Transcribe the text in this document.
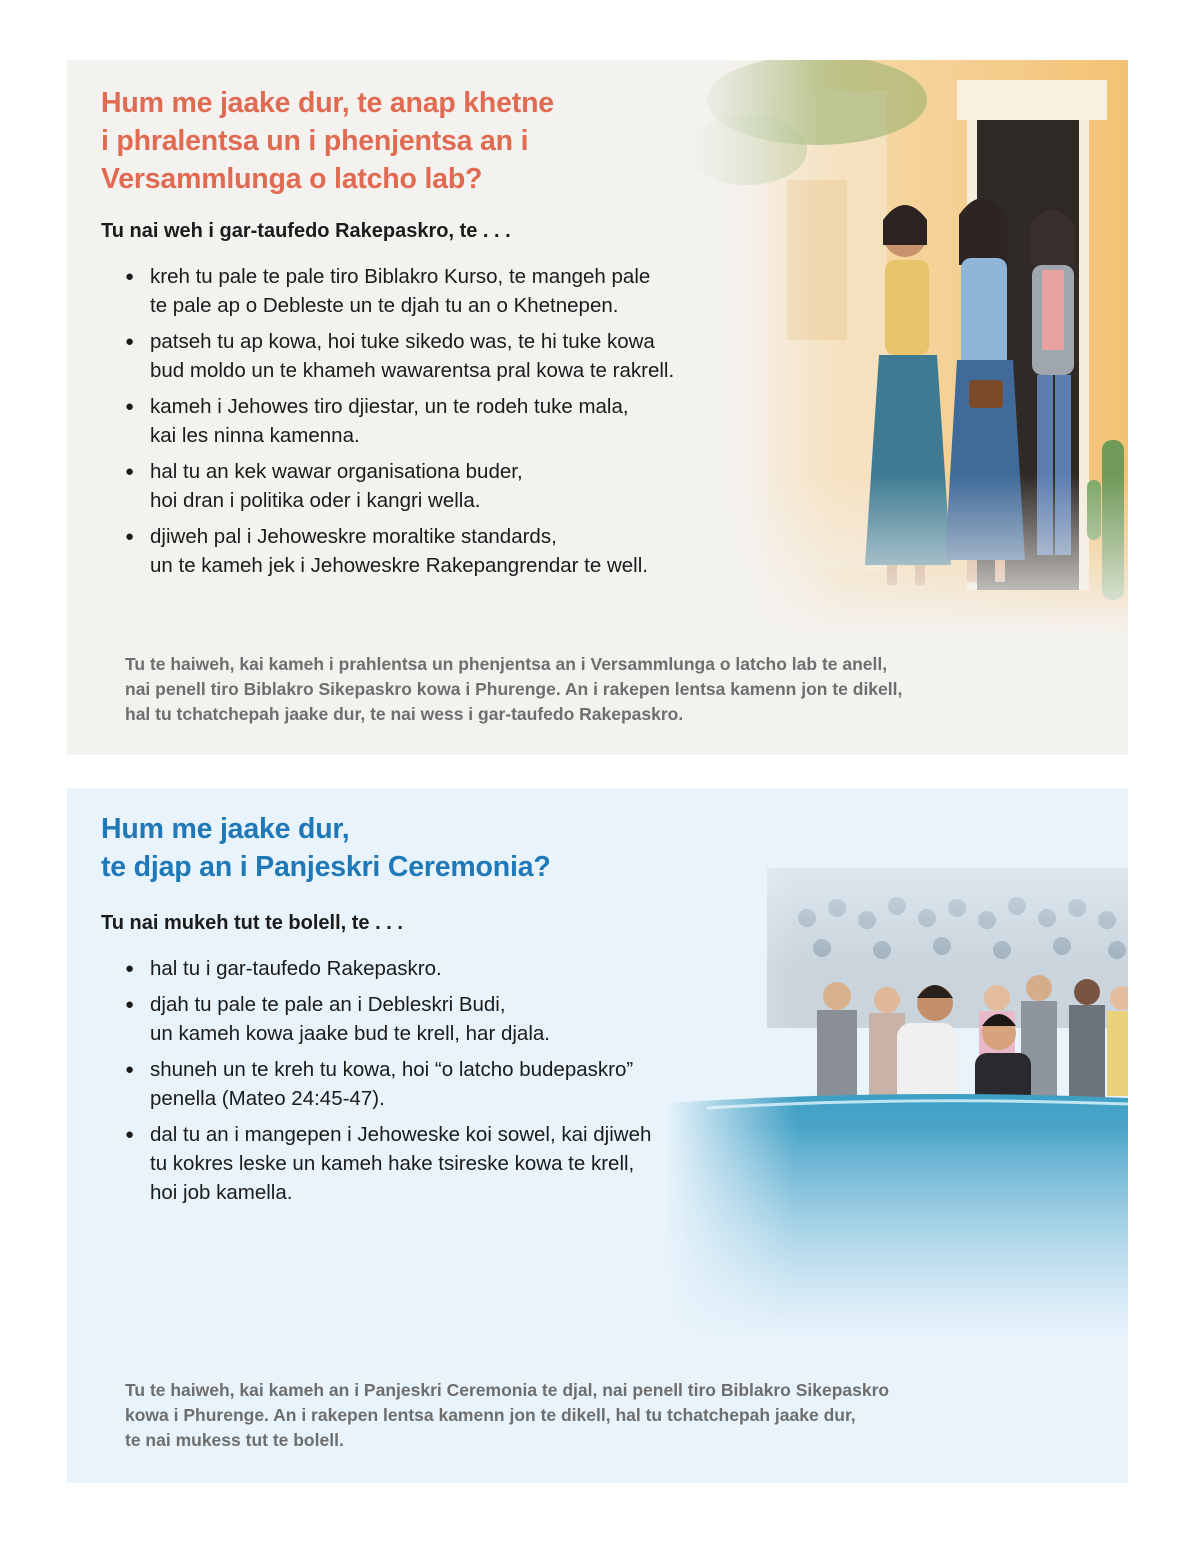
Hum me jaake dur, te anap khetne
i phralentsa un i phenjentsa an i
Versammlunga o latcho lab?

Tu nai weh i gar-taufedo Rakepaskro, te . . .

● kreh tu pale te pale tiro Biblakro Kurso, te mangeh pale
te pale ap o Debleste un te djah tu an o Khetnepen.
● patseh tu ap kowa, hoi tuke sikedo was, te hi tuke kowa
bud moldo un te khameh wawarentsa pral kowa te rakrell.
● kameh i Jehowes tiro djiestar, un te rodeh tuke mala,
kai les ninna kamenna.
● hal tu an kek wawar organisationa buder,
hoi dran i politika oder i kangri wella.
● djiweh pal i Jehoweskre moraltike standards,
un te kameh jek i Jehoweskre Rakepangrendar te well.

Tu te haiweh, kai kameh i prahlentsa un phenjentsa an i Versammlunga o latcho lab te anell,
nai penell tiro Biblakro Sikepaskro kowa i Phurenge. An i rakepen lentsa kamenn jon te dikell,
hal tu tchatchepah jaake dur, te nai wess i gar-taufedo Rakepaskro.

Hum me jaake dur,
te djap an i Panjeskri Ceremonia?

Tu nai mukeh tut te bolell, te . . .

● hal tu i gar-taufedo Rakepaskro.
● djah tu pale te pale an i Debleskri Budi,
un kameh kowa jaake bud te krell, har djala.
● shuneh un te kreh tu kowa, hoi “o latcho budepaskro”
penella (Mateo 24:45-47).
● dal tu an i mangepen i Jehoweske koi sowel, kai djiweh
tu kokres leske un kameh hake tsireske kowa te krell,
hoi job kamella.

Tu te haiweh, kai kameh an i Panjeskri Ceremonia te djal, nai penell tiro Biblakro Sikepaskro
kowa i Phurenge. An i rakepen lentsa kamenn jon te dikell, hal tu tchatchepah jaake dur,
te nai mukess tut te bolell.
